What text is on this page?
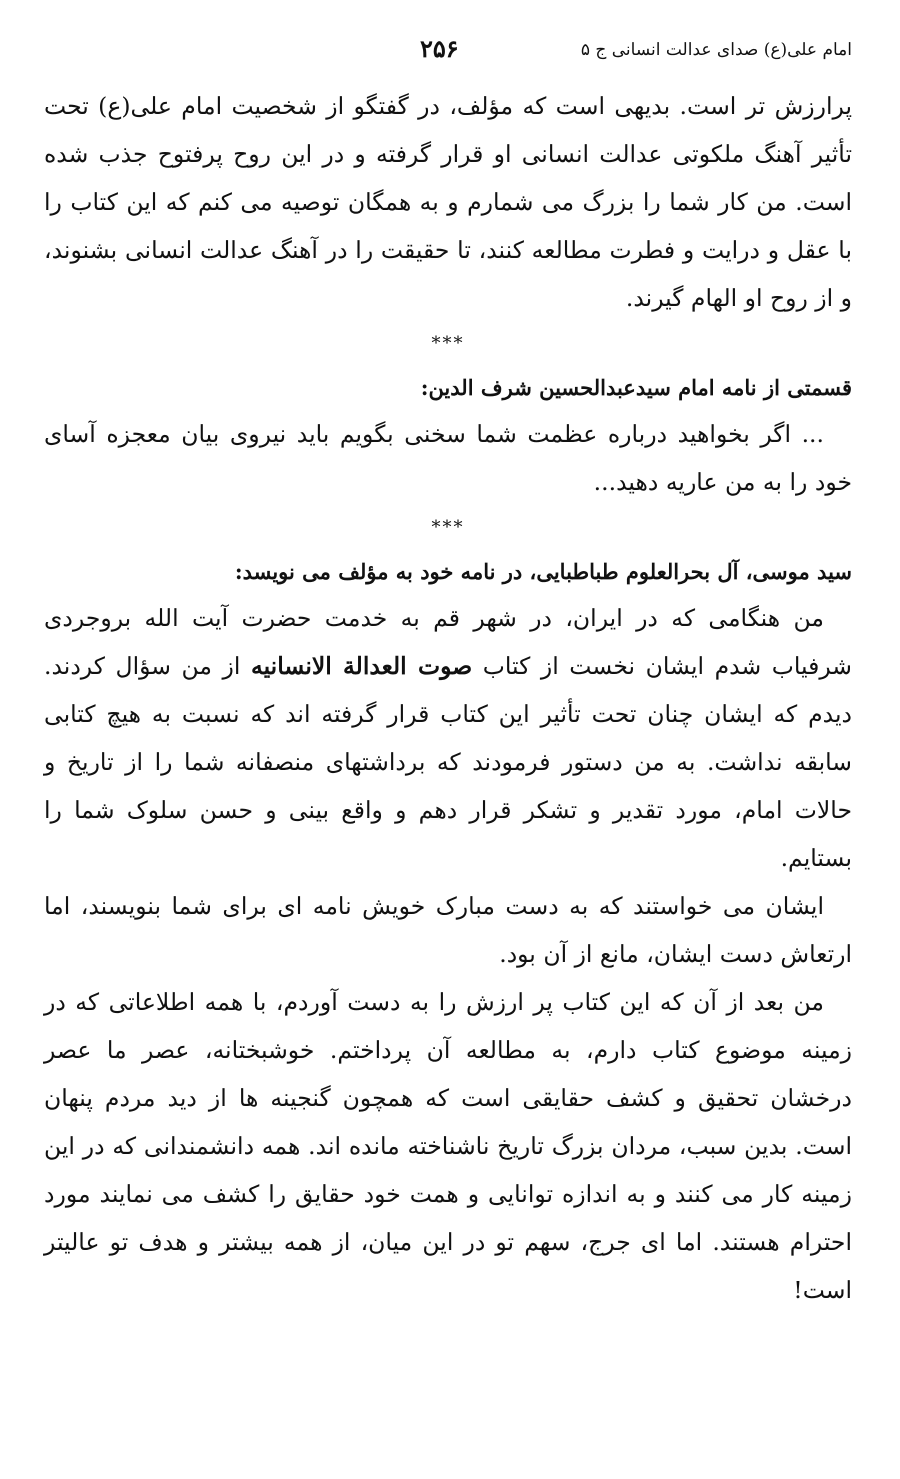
امام علی(ع) صدای عدالت انسانی ج ۵
۲۵۶

پرارزش تر است. بدیهی است که مؤلف، در گفتگو از شخصیت امام علی(ع) تحت تأثیر آهنگ ملکوتی عدالت انسانی او قرار گرفته و در این روح پرفتوح جذب شده است. من کار شما را بزرگ می شمارم و به همگان توصیه می کنم که این کتاب را با عقل و درایت و فطرت مطالعه کنند، تا حقیقت را در آهنگ عدالت انسانی بشنوند، و از روح او الهام گیرند.

***

قسمتی از نامه امام سیدعبدالحسین شرف الدین:

... اگر بخواهید درباره عظمت شما سخنی بگویم باید نیروی بیان معجزه آسای خود را به من عاریه دهید...

***

سید موسی، آل بحرالعلوم طباطبایی، در نامه خود به مؤلف می نویسد:

من هنگامی که در ایران، در شهر قم به خدمت حضرت آیت الله بروجردی شرفیاب شدم ایشان نخست از کتاب صوت العدالة الانسانیه از من سؤال کردند. دیدم که ایشان چنان تحت تأثیر این کتاب قرار گرفته اند که نسبت به هیچ کتابی سابقه نداشت. به من دستور فرمودند که برداشتهای منصفانه شما را از تاریخ و حالات امام، مورد تقدیر و تشکر قرار دهم و واقع بینی و حسن سلوک شما را بستایم.

ایشان می خواستند که به دست مبارک خویش نامه ای برای شما بنویسند، اما ارتعاش دست ایشان، مانع از آن بود.

من بعد از آن که این کتاب پر ارزش را به دست آوردم، با همه اطلاعاتی که در زمینه موضوع کتاب دارم، به مطالعه آن پرداختم. خوشبختانه، عصر ما عصر درخشان تحقیق و کشف حقایقی است که همچون گنجینه ها از دید مردم پنهان است. بدین سبب، مردان بزرگ تاریخ ناشناخته مانده اند. همه دانشمندانی که در این زمینه کار می کنند و به اندازه توانایی و همت خود حقایق را کشف می نمایند مورد احترام هستند. اما ای جرج، سهم تو در این میان، از همه بیشتر و هدف تو عالیتر است!
